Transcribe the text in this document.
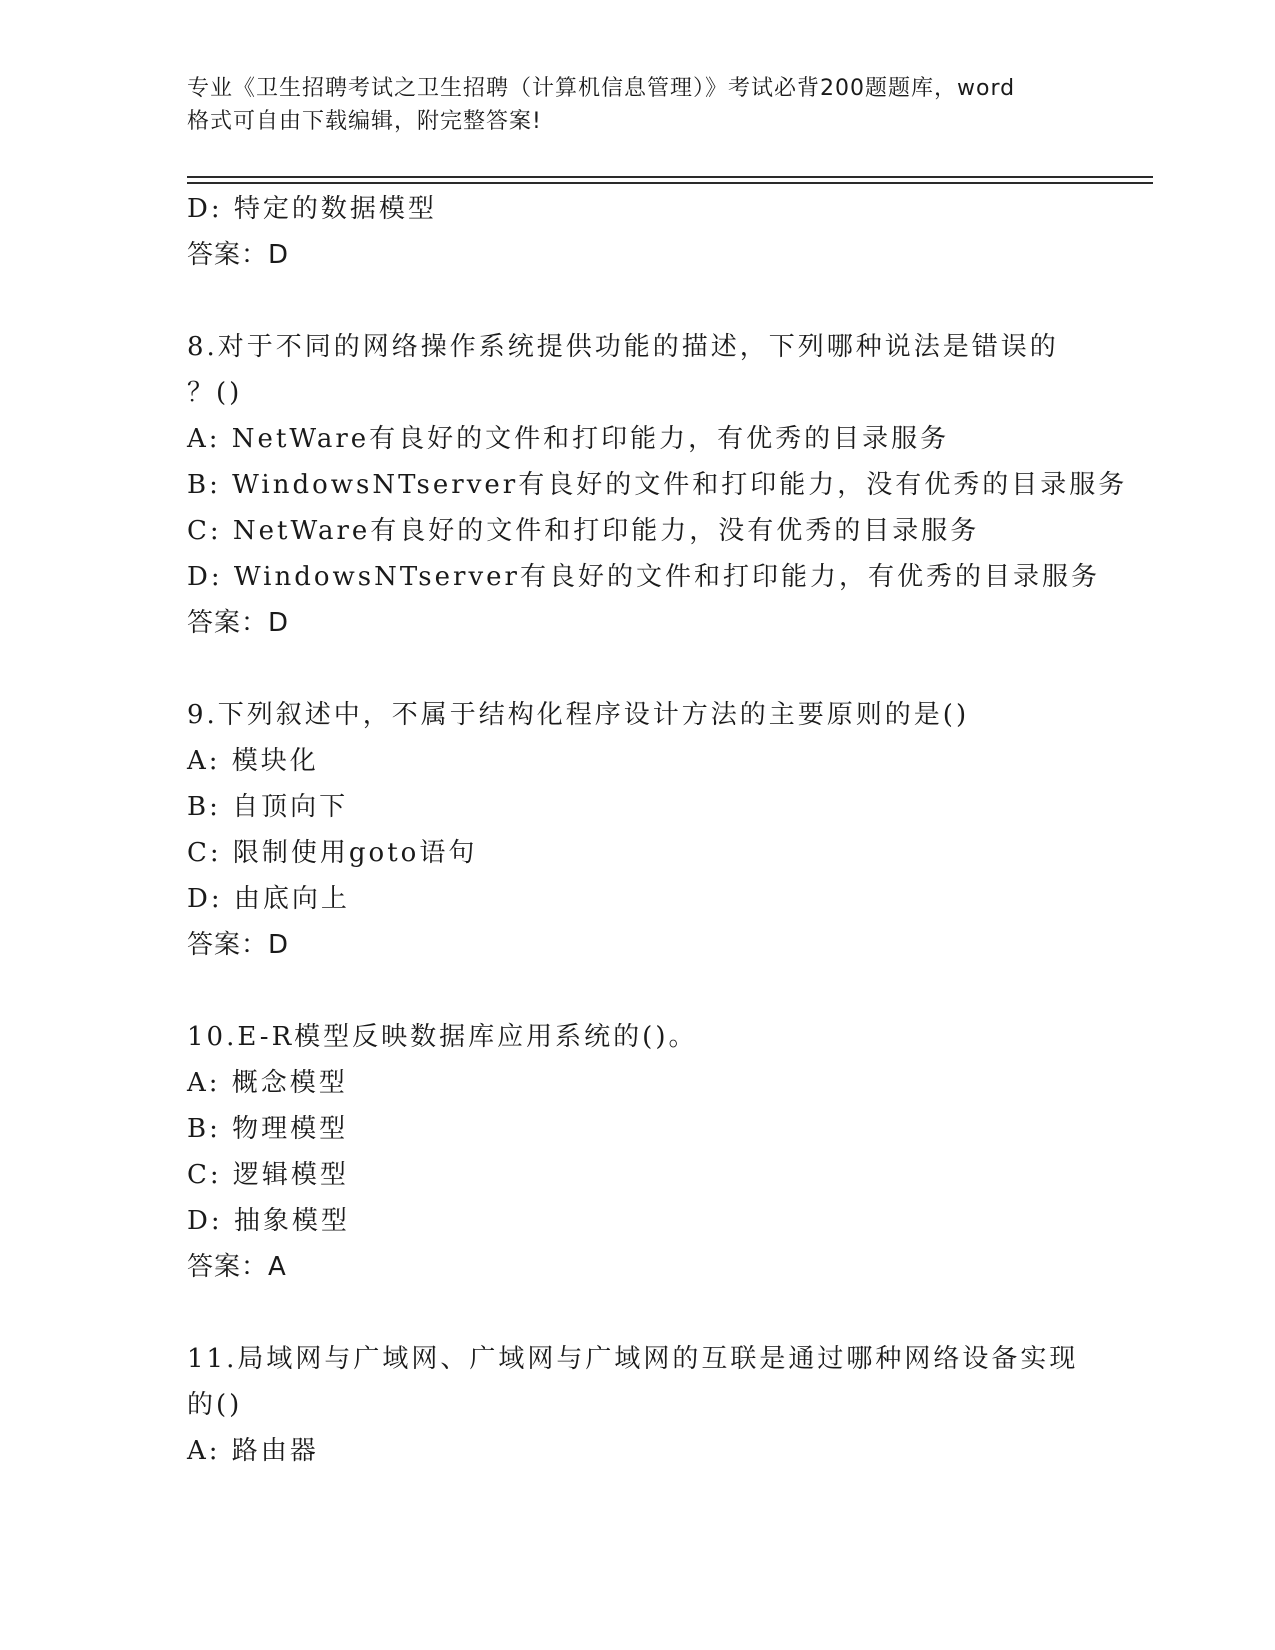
专业《卫生招聘考试之卫生招聘（计算机信息管理）》考试必背200题题库，word
格式可自由下载编辑，附完整答案!
D: 特定的数据模型
答案：D
8.对于不同的网络操作系统提供功能的描述，下列哪种说法是错误的
？()
A: NetWare有良好的文件和打印能力，有优秀的目录服务
B: WindowsNTserver有良好的文件和打印能力，没有优秀的目录服务
C: NetWare有良好的文件和打印能力，没有优秀的目录服务
D: WindowsNTserver有良好的文件和打印能力，有优秀的目录服务
答案：D
9.下列叙述中，不属于结构化程序设计方法的主要原则的是()
A: 模块化
B: 自顶向下
C: 限制使用goto语句
D: 由底向上
答案：D
10.E-R模型反映数据库应用系统的()。
A: 概念模型
B: 物理模型
C: 逻辑模型
D: 抽象模型
答案：A
11.局域网与广域网、广域网与广域网的互联是通过哪种网络设备实现
的()
A: 路由器
